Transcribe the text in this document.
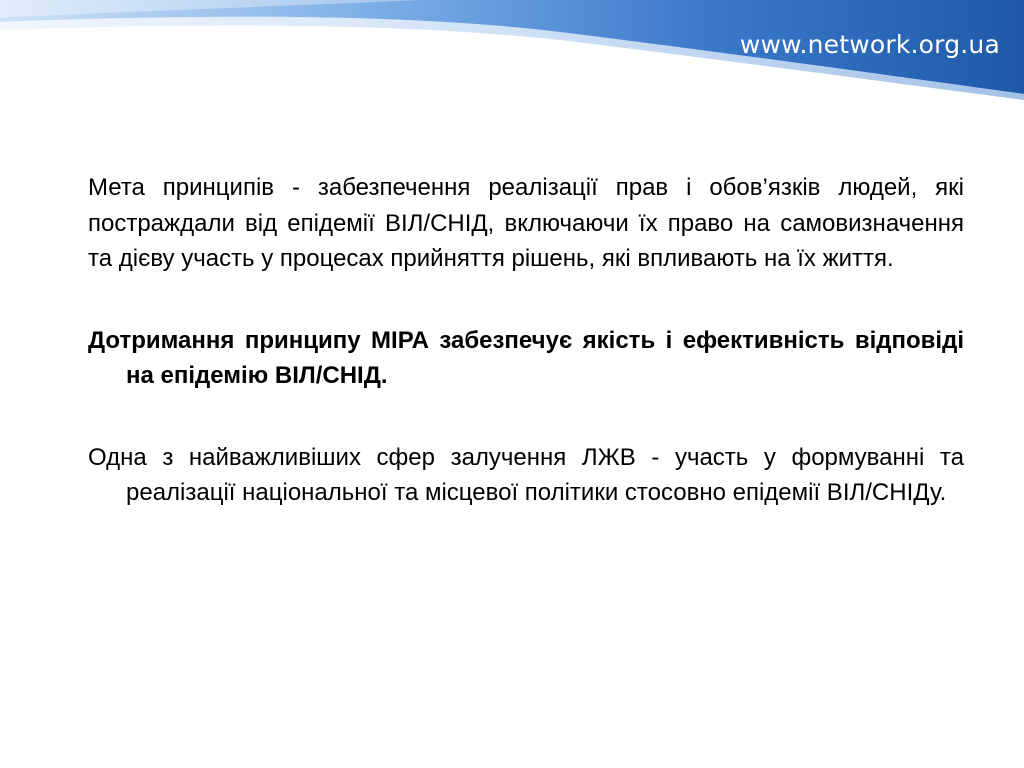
www.network.org.ua

Мета принципів - забезпечення реалізації прав і обов’язків людей, які постраждали від епідемії ВІЛ/СНІД, включаючи їх право на самовизначення та дієву участь у процесах прийняття рішень, які впливають на їх життя.

Дотримання принципу МІРА забезпечує якість і ефективність відповіді на епідемію ВІЛ/СНІД.

Одна з найважливіших сфер залучення ЛЖВ - участь у формуванні та реалізації національної та місцевої політики стосовно епідемії ВІЛ/СНІДу.
